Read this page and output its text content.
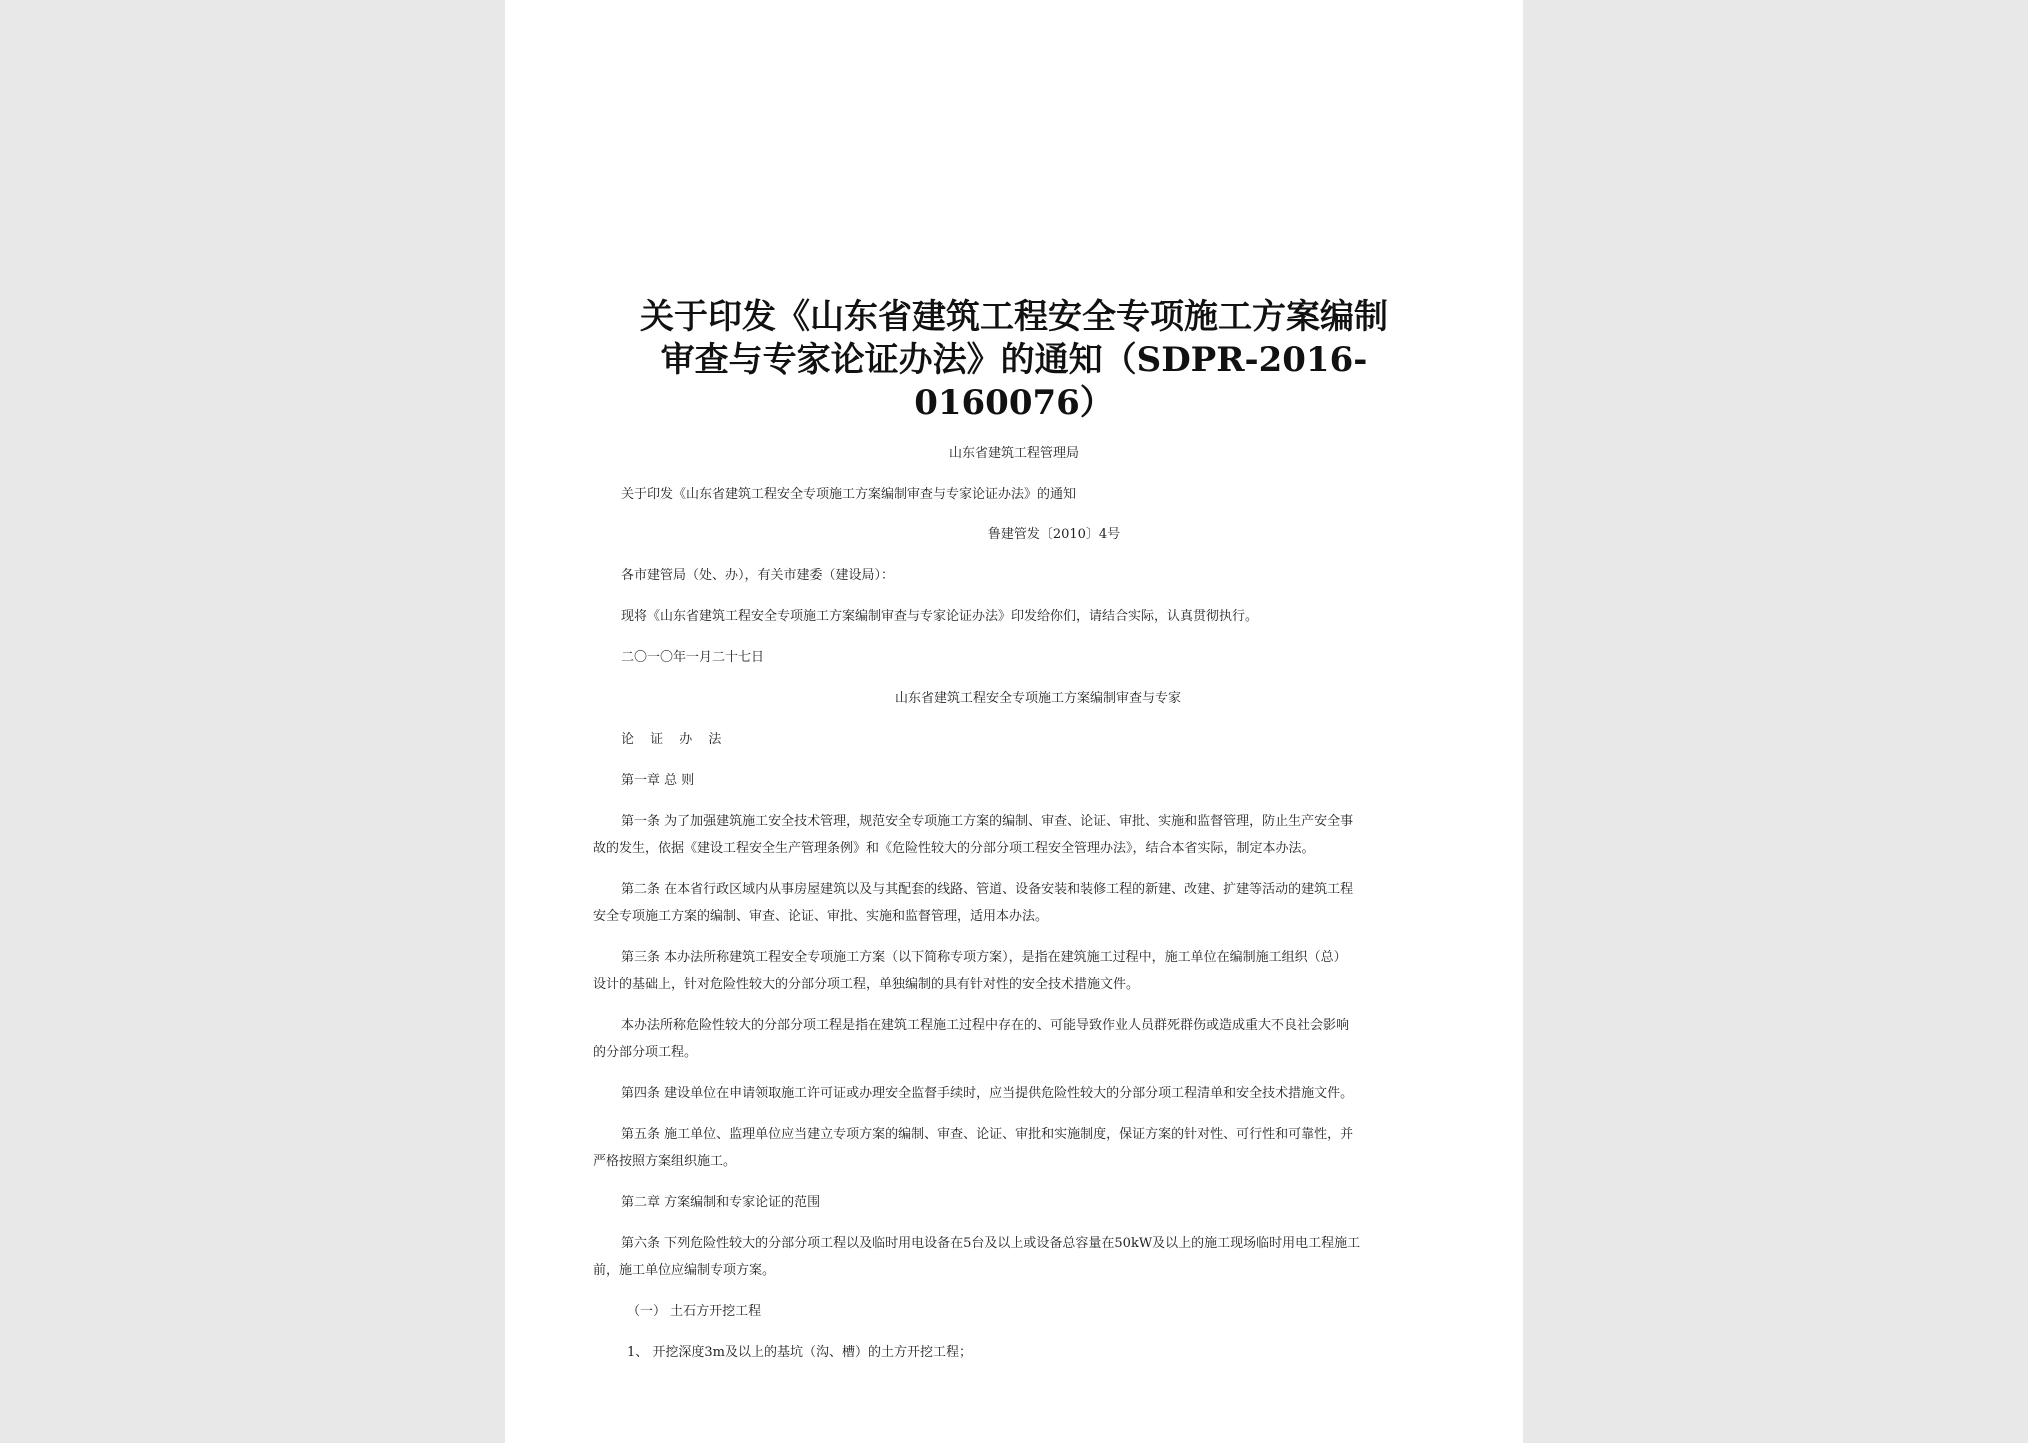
关于印发《山东省建筑工程安全专项施工方案编制
审查与专家论证办法》的通知（SDPR-2016-
0160076）
山东省建筑工程管理局
关于印发《山东省建筑工程安全专项施工方案编制审查与专家论证办法》的通知
鲁建管发〔2010〕4号
各市建管局（处、办），有关市建委（建设局）：
现将《山东省建筑工程安全专项施工方案编制审查与专家论证办法》印发给你们，请结合实际，认真贯彻执行。
二〇一〇年一月二十七日
山东省建筑工程安全专项施工方案编制审查与专家
论 证 办 法
第一章 总 则
第一条 为了加强建筑施工安全技术管理，规范安全专项施工方案的编制、审查、论证、审批、实施和监督管理，防止生产安全事
故的发生，依据《建设工程安全生产管理条例》和《危险性较大的分部分项工程安全管理办法》，结合本省实际，制定本办法。
第二条 在本省行政区域内从事房屋建筑以及与其配套的线路、管道、设备安装和装修工程的新建、改建、扩建等活动的建筑工程
安全专项施工方案的编制、审查、论证、审批、实施和监督管理，适用本办法。
第三条 本办法所称建筑工程安全专项施工方案（以下简称专项方案），是指在建筑施工过程中，施工单位在编制施工组织（总）
设计的基础上，针对危险性较大的分部分项工程，单独编制的具有针对性的安全技术措施文件。
本办法所称危险性较大的分部分项工程是指在建筑工程施工过程中存在的、可能导致作业人员群死群伤或造成重大不良社会影响
的分部分项工程。
第四条 建设单位在申请领取施工许可证或办理安全监督手续时，应当提供危险性较大的分部分项工程清单和安全技术措施文件。
第五条 施工单位、监理单位应当建立专项方案的编制、审查、论证、审批和实施制度，保证方案的针对性、可行性和可靠性，并
严格按照方案组织施工。
第二章 方案编制和专家论证的范围
第六条 下列危险性较大的分部分项工程以及临时用电设备在5台及以上或设备总容量在50kW及以上的施工现场临时用电工程施工
前，施工单位应编制专项方案。
（一） 土石方开挖工程
1、 开挖深度3m及以上的基坑（沟、槽）的土方开挖工程；
